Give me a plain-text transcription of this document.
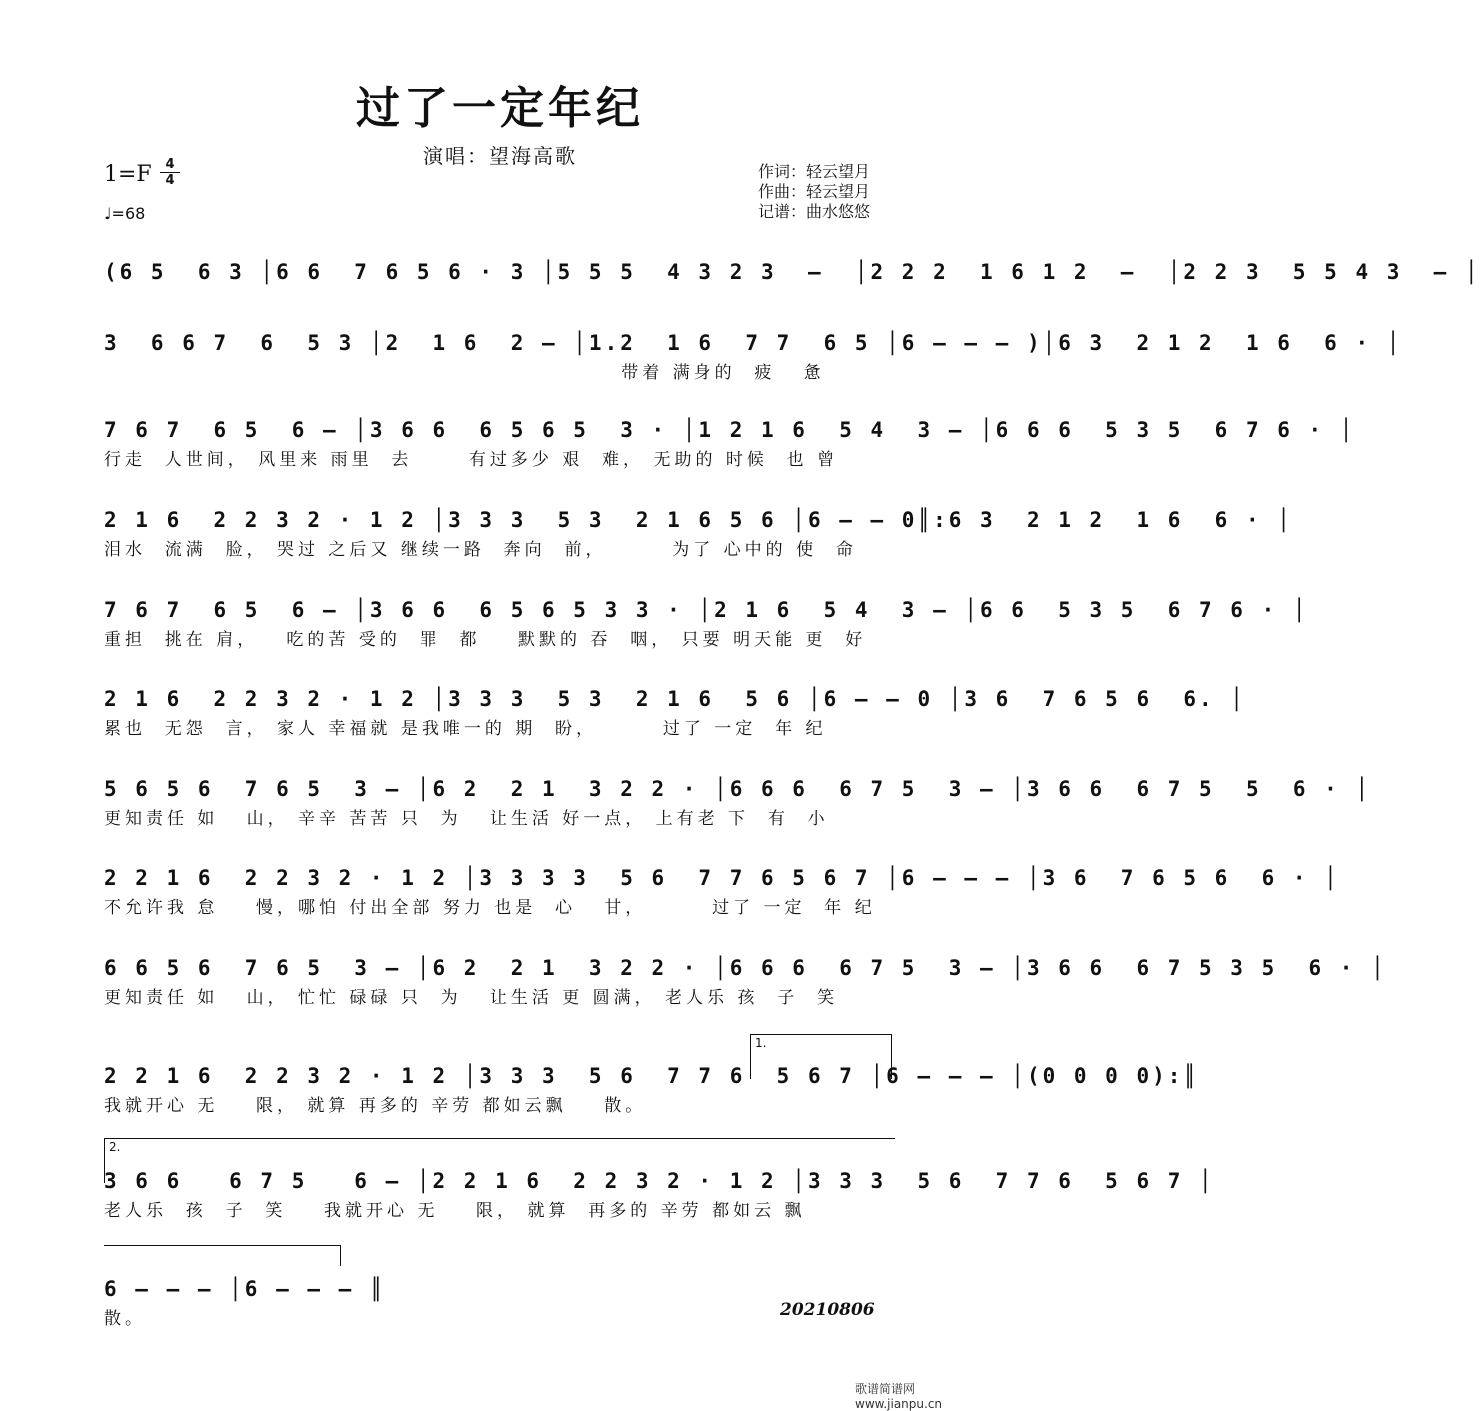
过了一定年纪
演唱：望海高歌
1=F	4
4
♩=68
作词：轻云望月
作曲：轻云望月
记谱：曲水悠悠
(6 5  6 3 │6 6  7 6 5 6 · 3 │5 5 5  4 3 2 3  –  │2 2 2  1 6 1 2  –  │2 2 3  5 5 4 3  – │
3  6 6 7  6  5 3 │2  1 6  2 – │1.2  1 6  7 7  6 5 │6 – – – )│6 3  2 1 2  1 6  6 · │
带着 满身的  疲   惫
7 6 7  6 5  6 – │3 6 6  6 5 6 5  3 · │1 2 1 6  5 4  3 – │6 6 6  5 3 5  6 7 6 · │
行走  人世间， 风里来 雨里  去      有过多少 艰  难， 无助的 时候  也 曾
2 1 6  2 2 3 2 · 1 2 │3 3 3  5 3  2 1 6 5 6 │6 – – 0║:6 3  2 1 2  1 6  6 · │
泪水  流满  脸， 哭过 之后又 继续一路  奔向  前，       为了 心中的 使  命
7 6 7  6 5  6 – │3 6 6  6 5 6 5 3 3 · │2 1 6  5 4  3 – │6 6  5 3 5  6 7 6 · │
重担  挑在 肩，   吃的苦 受的  罪  都    默默的 吞  咽， 只要 明天能 更  好
2 1 6  2 2 3 2 · 1 2 │3 3 3  5 3  2 1 6  5 6 │6 – – 0 │3 6  7 6 5 6  6. │
累也  无怨  言， 家人 幸福就 是我唯一的 期  盼，       过了 一定  年 纪
5 6 5 6  7 6 5  3 – │6 2  2 1  3 2 2 · │6 6 6  6 7 5  3 – │3 6 6  6 7 5  5  6 · │
更知责任 如   山， 辛辛 苦苦 只  为   让生活 好一点， 上有老 下  有  小
2 2 1 6  2 2 3 2 · 1 2 │3 3 3 3  5 6  7 7 6 5 6 7 │6 – – – │3 6  7 6 5 6  6 · │
不允许我 怠    慢，哪怕 付出全部 努力 也是  心   甘，       过了 一定  年 纪
6 6 5 6  7 6 5  3 – │6 2  2 1  3 2 2 · │6 6 6  6 7 5  3 – │3 6 6  6 7 5 3 5  6 · │
更知责任 如   山， 忙忙 碌碌 只  为   让生活 更 圆满， 老人乐 孩  子  笑
1.
2 2 1 6  2 2 3 2 · 1 2 │3 3 3  5 6  7 7 6  5 6 7 │6 – – – │(0 0 0 0):║
我就开心 无    限， 就算 再多的 辛劳 都如云飘    散。
2.
3 6 6   6 7 5   6 – │2 2 1 6  2 2 3 2 · 1 2 │3 3 3  5 6  7 7 6  5 6 7 │
老人乐  孩  子  笑    我就开心 无    限， 就算  再多的 辛劳 都如云 飘
6 – – – │6 – – – ║
散。	20210806
歌谱简谱网 www.jianpu.cn
